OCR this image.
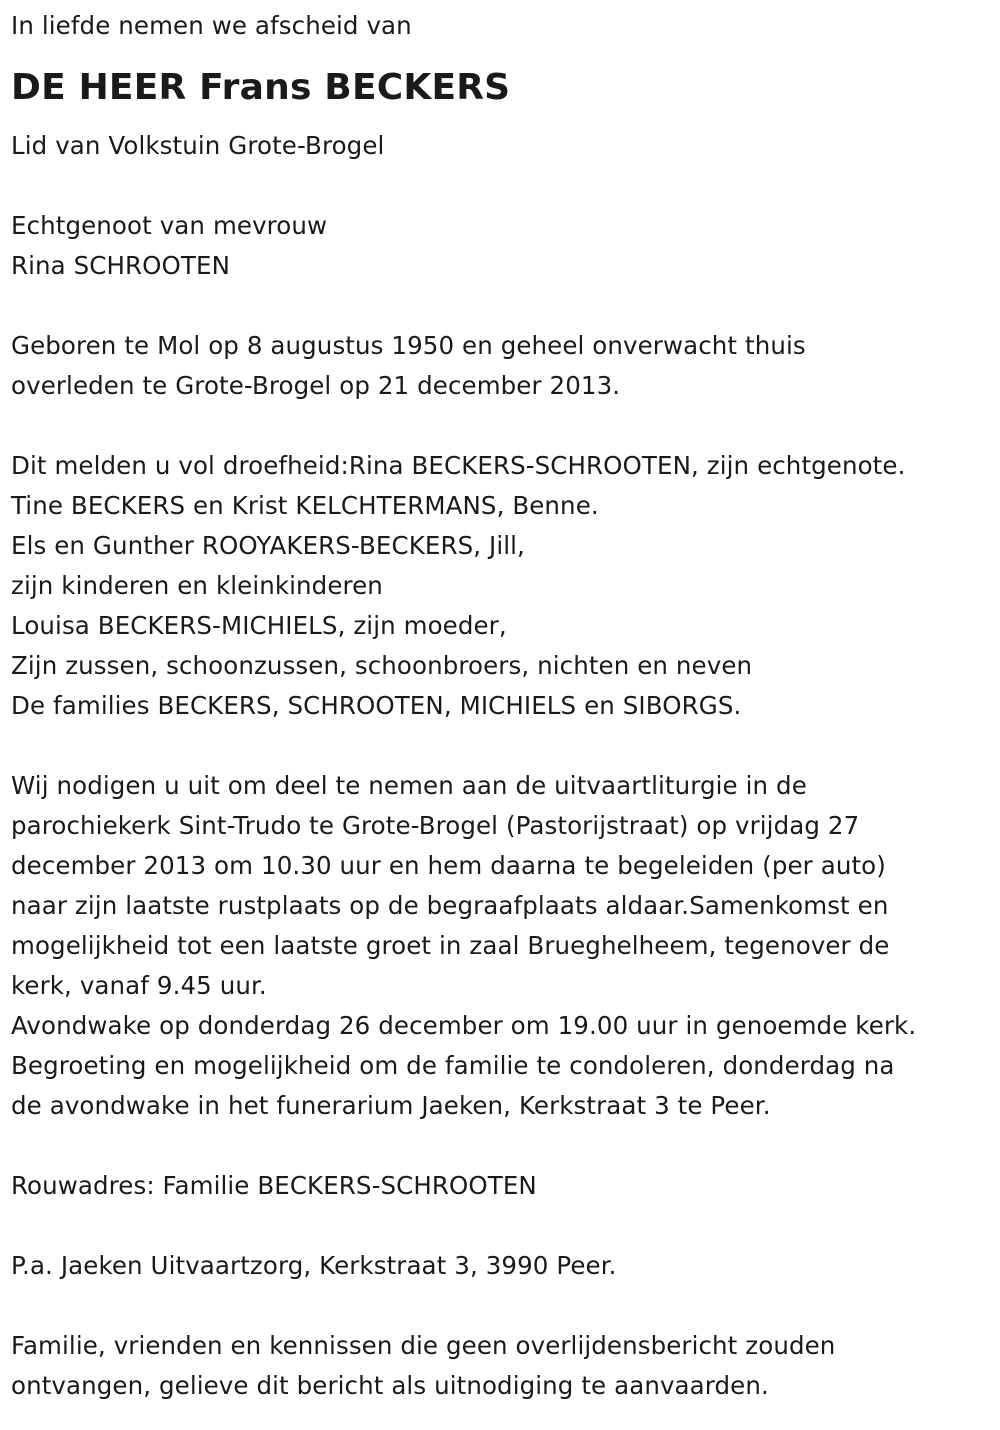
In liefde nemen we afscheid van
DE HEER Frans BECKERS
Lid van Volkstuin Grote-Brogel
Echtgenoot van mevrouw
Rina SCHROOTEN
Geboren te Mol op 8 augustus 1950 en geheel onverwacht thuis
overleden te Grote-Brogel op 21 december 2013.
Dit melden u vol droefheid:Rina BECKERS-SCHROOTEN, zijn echtgenote.
Tine BECKERS en Krist KELCHTERMANS, Benne.
Els en Gunther ROOYAKERS-BECKERS, Jill,
zijn kinderen en kleinkinderen
Louisa BECKERS-MICHIELS, zijn moeder,
Zijn zussen, schoonzussen, schoonbroers, nichten en neven
De families BECKERS, SCHROOTEN, MICHIELS en SIBORGS.
Wij nodigen u uit om deel te nemen aan de uitvaartliturgie in de
parochiekerk Sint-Trudo te Grote-Brogel (Pastorijstraat) op vrijdag 27
december 2013 om 10.30 uur en hem daarna te begeleiden (per auto)
naar zijn laatste rustplaats op de begraafplaats aldaar.Samenkomst en
mogelijkheid tot een laatste groet in zaal Brueghelheem, tegenover de
kerk, vanaf 9.45 uur.
Avondwake op donderdag 26 december om 19.00 uur in genoemde kerk.
Begroeting en mogelijkheid om de familie te condoleren, donderdag na
de avondwake in het funerarium Jaeken, Kerkstraat 3 te Peer.
Rouwadres: Familie BECKERS-SCHROOTEN
P.a. Jaeken Uitvaartzorg, Kerkstraat 3, 3990 Peer.
Familie, vrienden en kennissen die geen overlijdensbericht zouden
ontvangen, gelieve dit bericht als uitnodiging te aanvaarden.
